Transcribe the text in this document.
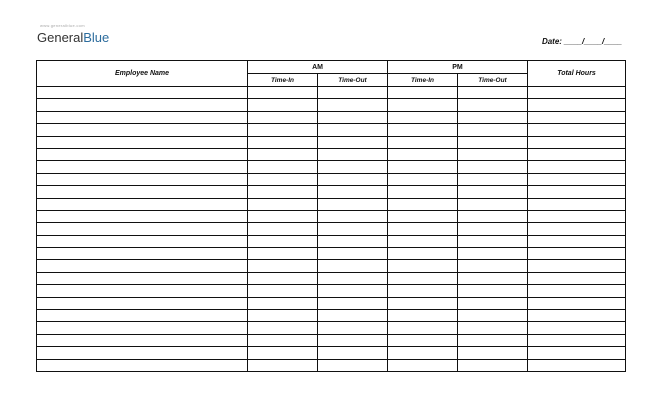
www.generalblue.com
GeneralBlue	Date: ____/____/____
Employee Name	AM		PM		Total Hours
	Time-In	Time-Out	Time-In	Time-Out	
